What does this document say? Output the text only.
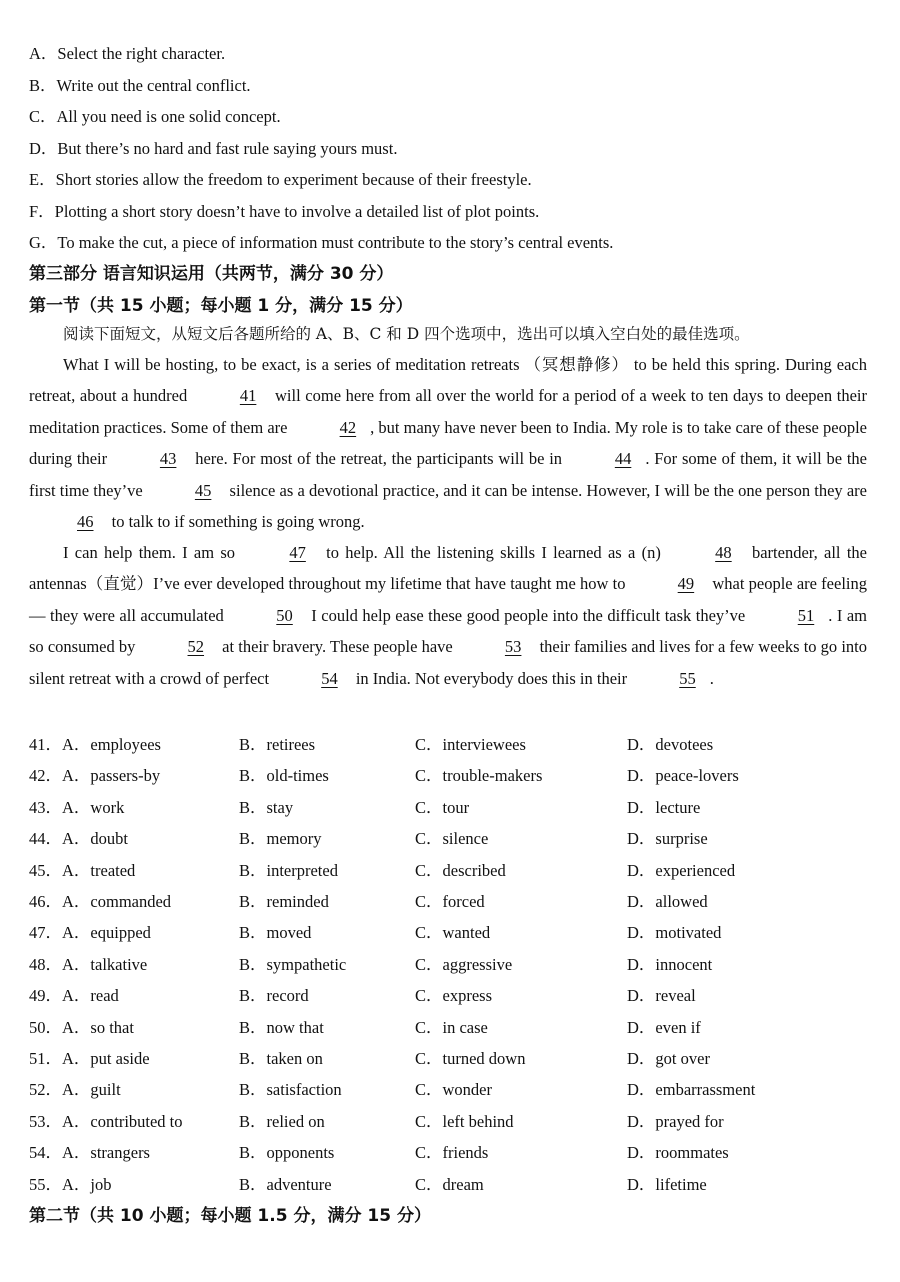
A．Select the right character.
B．Write out the central conflict.
C．All you need is one solid concept.
D．But there’s no hard and fast rule saying yours must.
E．Short stories allow the freedom to experiment because of their freestyle.
F．Plotting a short story doesn’t have to involve a detailed list of plot points.
G．To make the cut, a piece of information must contribute to the story’s central events.
第三部分 语言知识运用（共两节，满分 30 分）
第一节（共 15 小题；每小题 1 分，满分 15 分）
阅读下面短文，从短文后各题所给的 A、B、C 和 D 四个选项中，选出可以填入空白处的最佳选项。
What I will be hosting, to be exact, is a series of meditation retreats （冥想静修） to be held this spring. During each retreat, about a hundred	41 will come here from all over the world for a period of a week to ten days to deepen their meditation practices. Some of them are	42 , but many have never been to India. My role is to take care of these people during their	43 here. For most of the retreat, the participants will be in	44 . For some of them, it will be the first time they’ve	45 silence as a devotional practice, and it can be intense. However, I will be the one person they are 46 to talk to if something is going wrong.
I can help them. I am so	47 to help. All the listening skills I learned as a (n)	48 bartender, all the antennas（直觉）I’ve ever developed throughout my lifetime that have taught me how to	49 what people are feeling — they were all accumulated	50 I could help ease these good people into the difficult task they’ve	51 . I am so consumed by	52 at their bravery. These people have	53 their families and lives for a few weeks to go into silent retreat with a crowd of perfect	54 in India. Not everybody does this in their	55 .
41．A．employees	B．retirees	C．interviewees	D．devotees
42．A．passers-by	B．old-times	C．trouble-makers	D．peace-lovers
43．A．work	B．stay	C．tour	D．lecture
44．A．doubt	B．memory	C．silence	D．surprise
45．A．treated	B．interpreted	C．described	D．experienced
46．A．commanded	B．reminded	C．forced	D．allowed
47．A．equipped	B．moved	C．wanted	D．motivated
48．A．talkative	B．sympathetic	C．aggressive	D．innocent
49．A．read	B．record	C．express	D．reveal
50．A．so that	B．now that	C．in case	D．even if
51．A．put aside	B．taken on	C．turned down	D．got over
52．A．guilt	B．satisfaction	C．wonder	D．embarrassment
53．A．contributed to	B．relied on	C．left behind	D．prayed for
54．A．strangers	B．opponents	C．friends	D．roommates
55．A．job	B．adventure	C．dream	D．lifetime
第二节（共 10 小题；每小题 1.5 分，满分 15 分）
